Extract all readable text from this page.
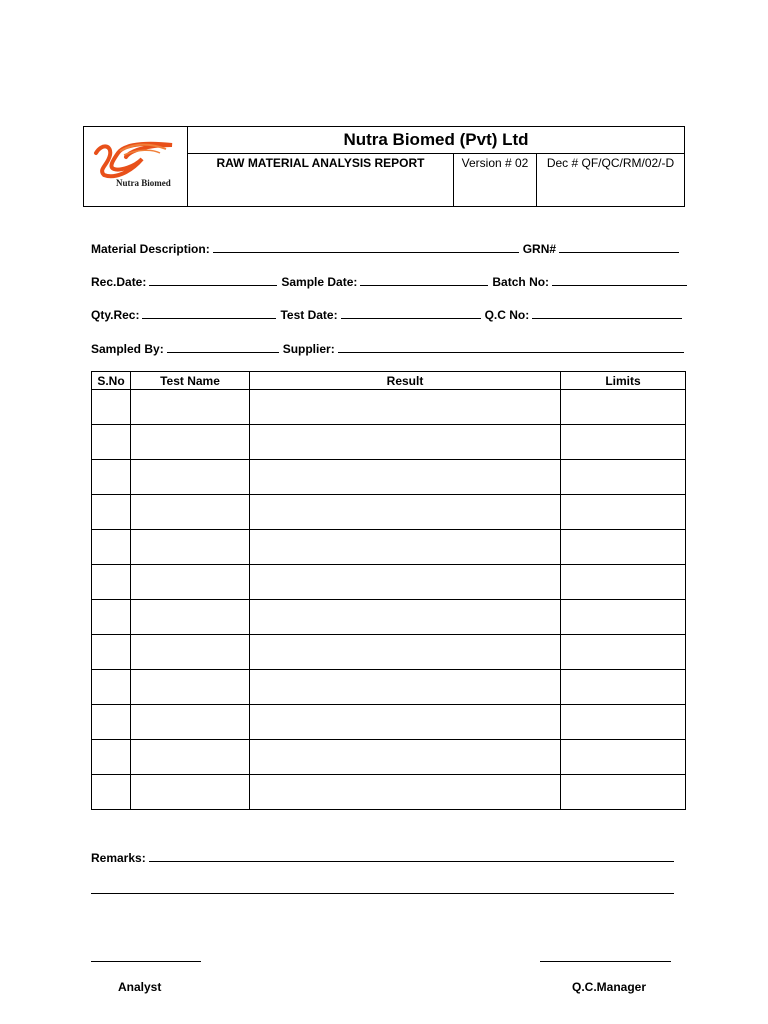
Nutra Biomed
Nutra Biomed (Pvt) Ltd
RAW MATERIAL ANALYSIS REPORT	Version # 02	Dec # QF/QC/RM/02/-D
Material Description:	GRN#
Rec.Date:	Sample Date:	Batch No:
Qty.Rec:	Test Date:	Q.C No:
Sampled By:	Supplier:
S.No	Test Name	Result	Limits

Remarks:
Analyst	Q.C.Manager
